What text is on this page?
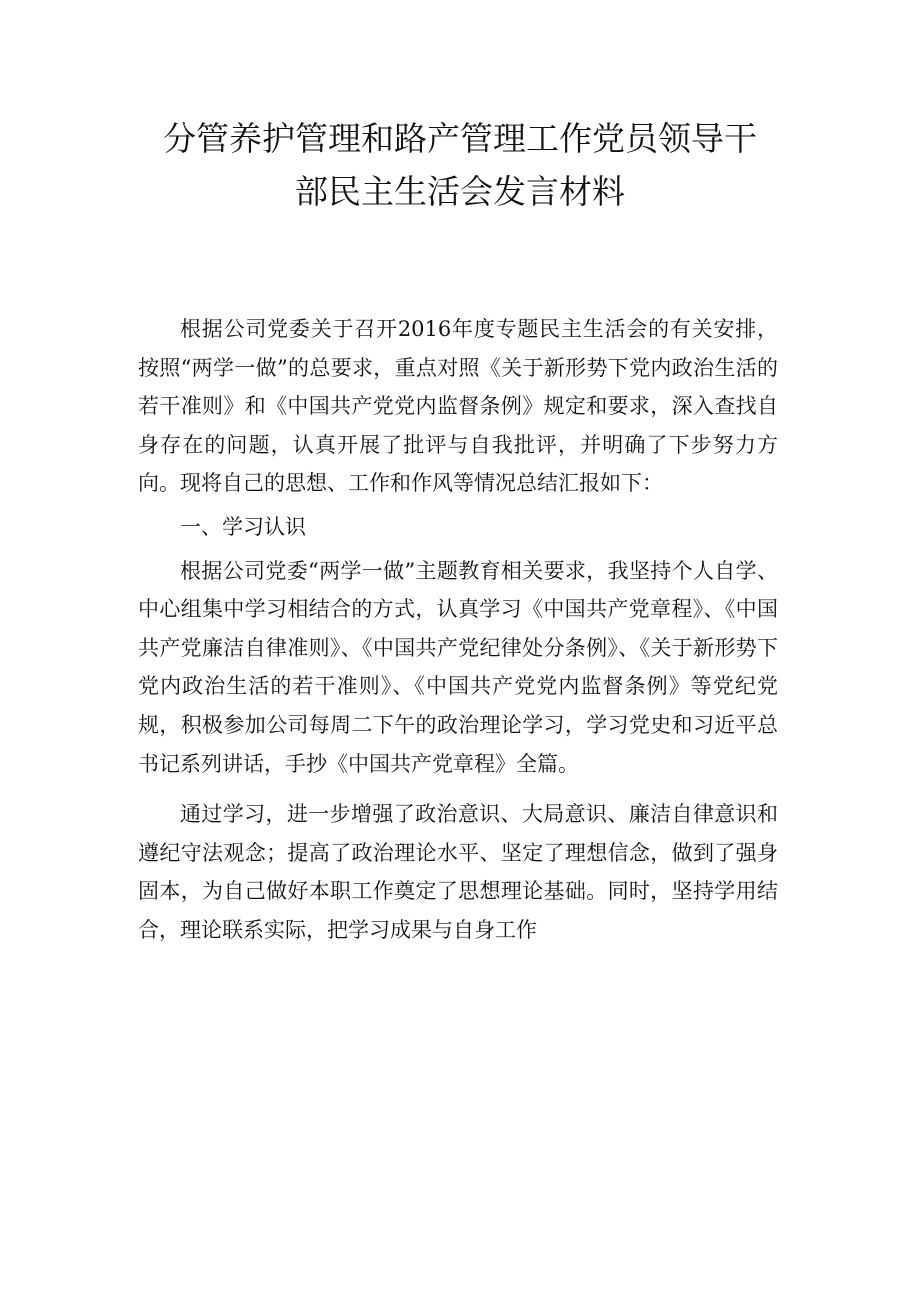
分管养护管理和路产管理工作党员领导干
部民主生活会发言材料

根据公司党委关于召开2016年度专题民主生活会的有关安排，按照“两学一做”的总要求，重点对照《关于新形势下党内政治生活的若干准则》和《中国共产党党内监督条例》规定和要求，深入查找自身存在的问题，认真开展了批评与自我批评，并明确了下步努力方向。现将自己的思想、工作和作风等情况总结汇报如下：

一、学习认识

根据公司党委“两学一做”主题教育相关要求，我坚持个人自学、中心组集中学习相结合的方式，认真学习《中国共产党章程》、《中国共产党廉洁自律准则》、《中国共产党纪律处分条例》、《关于新形势下党内政治生活的若干准则》、《中国共产党党内监督条例》等党纪党规，积极参加公司每周二下午的政治理论学习，学习党史和习近平总书记系列讲话，手抄《中国共产党章程》全篇。

通过学习，进一步增强了政治意识、大局意识、廉洁自律意识和遵纪守法观念；提高了政治理论水平、坚定了理想信念，做到了强身固本，为自己做好本职工作奠定了思想理论基础。同时，坚持学用结合，理论联系实际，把学习成果与自身工作
